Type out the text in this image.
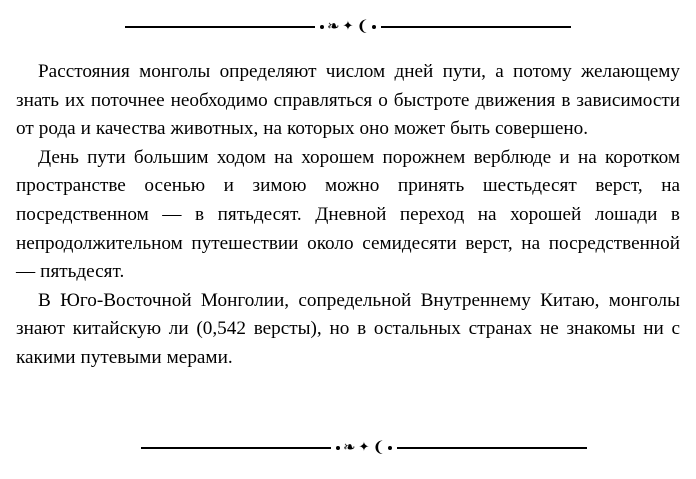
❧ ✦ ❨

Расстояния монголы определяют числом дней пути, а потому желающему знать их поточнее необходимо справляться о быстроте движения в зависимости от рода и качества животных, на которых оно может быть совершено.

День пути большим ходом на хорошем порожнем верблюде и на коротком пространстве осенью и зимою можно принять шестьдесят верст, на посредственном — в пятьдесят. Дневной переход на хорошей лошади в непродолжительном путешествии около семидесяти верст, на посредственной — пятьдесят.

В Юго-Восточной Монголии, сопредельной Внутреннему Китаю, монголы знают китайскую ли (0,542 версты), но в остальных странах не знакомы ни с какими путевыми мерами.

❧ ✦ ❨
